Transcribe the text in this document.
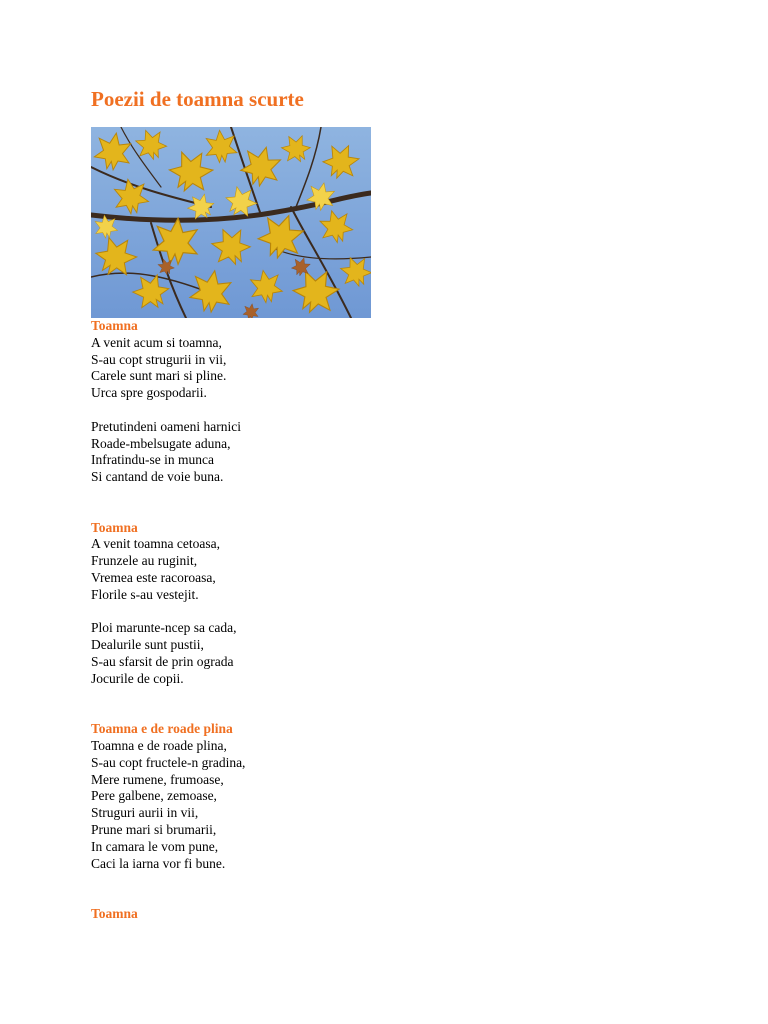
Poezii de toamna scurte
Toamna
A venit acum si toamna,
S-au copt strugurii in vii,
Carele sunt mari si pline.
Urca spre gospodarii.
Pretutindeni oameni harnici
Roade-mbelsugate aduna,
Infratindu-se in munca
Si cantand de voie buna.
Toamna
A venit toamna cetoasa,
Frunzele au ruginit,
Vremea este racoroasa,
Florile s-au vestejit.
Ploi marunte-ncep sa cada,
Dealurile sunt pustii,
S-au sfarsit de prin ograda
Jocurile de copii.
Toamna e de roade plina
Toamna e de roade plina,
S-au copt fructele-n gradina,
Mere rumene, frumoase,
Pere galbene, zemoase,
Struguri aurii in vii,
Prune mari si brumarii,
In camara le vom pune,
Caci la iarna vor fi bune.
Toamna
